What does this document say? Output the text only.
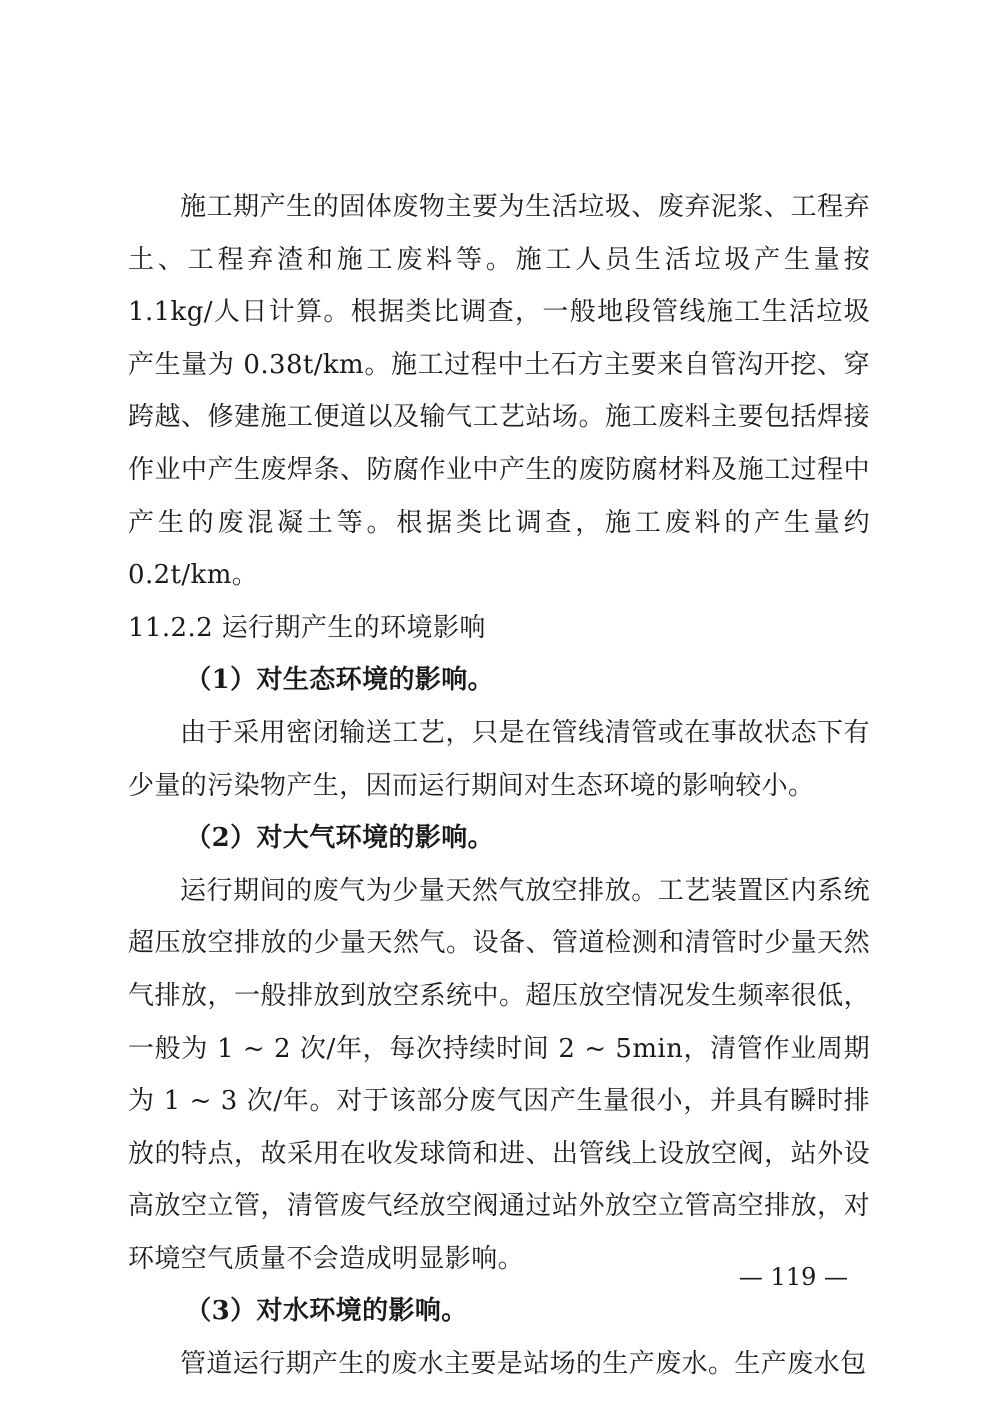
施工期产生的固体废物主要为生活垃圾、废弃泥浆、工程弃土、工程弃渣和施工废料等。施工人员生活垃圾产生量按 1.1kg/人日计算。根据类比调查，一般地段管线施工生活垃圾产生量为 0.38t/km。施工过程中土石方主要来自管沟开挖、穿跨越、修建施工便道以及输气工艺站场。施工废料主要包括焊接作业中产生废焊条、防腐作业中产生的废防腐材料及施工过程中产生的废混凝土等。根据类比调查，施工废料的产生量约 0.2t/km。

11.2.2 运行期产生的环境影响

（1）对生态环境的影响。

由于采用密闭输送工艺，只是在管线清管或在事故状态下有少量的污染物产生，因而运行期间对生态环境的影响较小。

（2）对大气环境的影响。

运行期间的废气为少量天然气放空排放。工艺装置区内系统超压放空排放的少量天然气。设备、管道检测和清管时少量天然气排放，一般排放到放空系统中。超压放空情况发生频率很低，一般为 1 ~ 2 次/年，每次持续时间 2 ~ 5min，清管作业周期为 1 ~ 3 次/年。对于该部分废气因产生量很小，并具有瞬时排放的特点，故采用在收发球筒和进、出管线上设放空阀，站外设高放空立管，清管废气经放空阀通过站外放空立管高空排放，对环境空气质量不会造成明显影响。

（3）对水环境的影响。

管道运行期产生的废水主要是站场的生产废水。生产废水包

— 119 —
